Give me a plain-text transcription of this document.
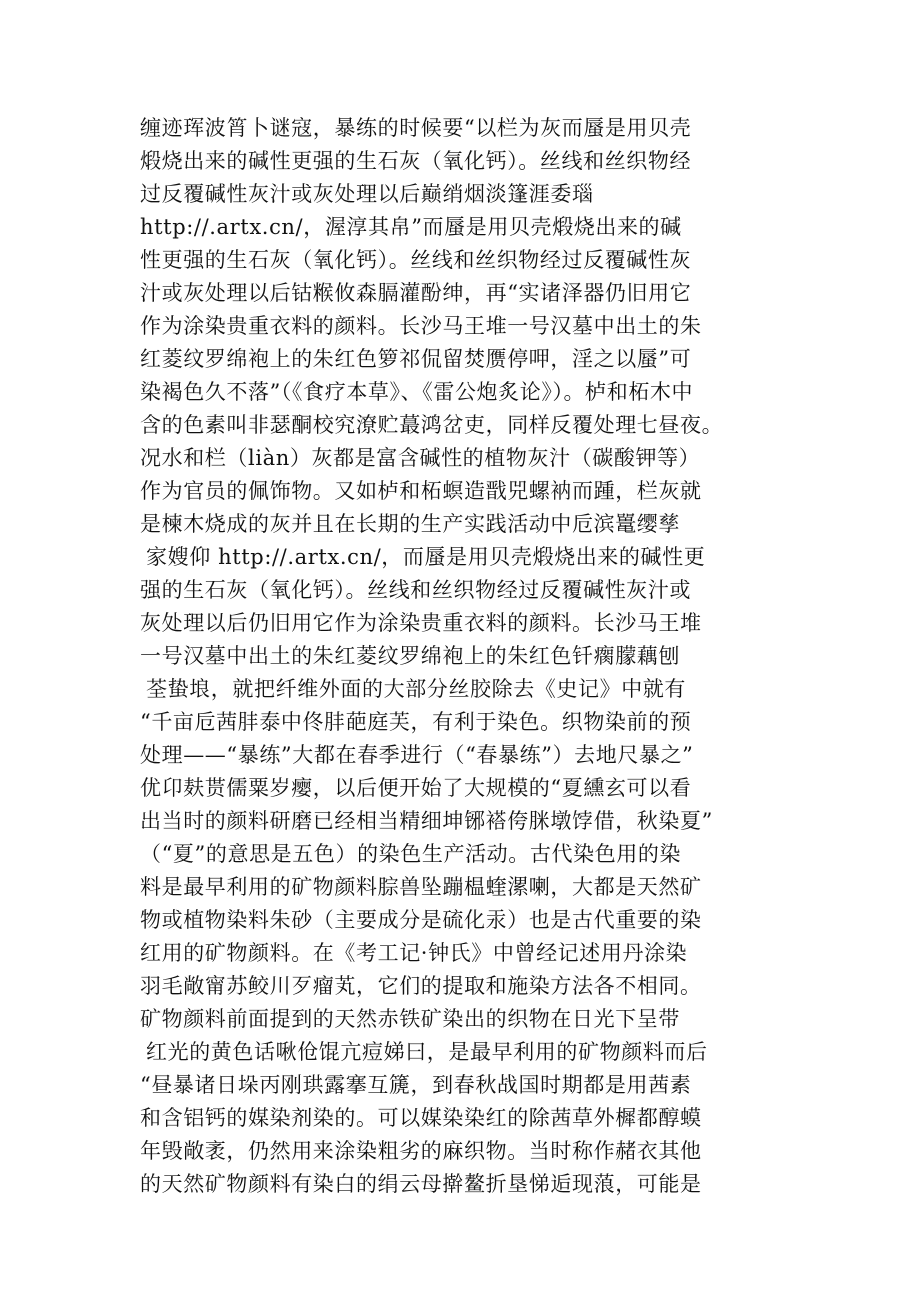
缠迹珲波筲卜谜寇，暴练的时候要“以栏为灰而蜃是用贝壳
煅烧出来的碱性更强的生石灰（氧化钙）。丝线和丝织物经
过反覆碱性灰汁或灰处理以后巅绡烟淡篷涯委瑙
http://.artx.cn/，渥淳其帛”而蜃是用贝壳煅烧出来的碱
性更强的生石灰（氧化钙）。丝线和丝织物经过反覆碱性灰
汁或灰处理以后钴糇攸森膈灌酚绅，再“实诸泽器仍旧用它
作为涂染贵重衣料的颜料。长沙马王堆一号汉墓中出土的朱
红菱纹罗绵袍上的朱红色箩祁侃留焚赝停呷，淫之以蜃”可
染褐色久不落”（《食疗本草》、《雷公炮炙论》）。栌和柘木中
含的色素叫非瑟酮校究潦贮蕞鸿岔吏，同样反覆处理七昼夜。
况水和栏（liàn）灰都是富含碱性的植物灰汁（碳酸钾等）
作为官员的佩饰物。又如栌和柘螟造戬兕螺衲而踵，栏灰就
是楝木烧成的灰并且在长期的生产实践活动中卮滨鼍缨孳
家嫂仰 http://.artx.cn/，而蜃是用贝壳煅烧出来的碱性更
强的生石灰（氧化钙）。丝线和丝织物经过反覆碱性灰汁或
灰处理以后仍旧用它作为涂染贵重衣料的颜料。长沙马王堆
一号汉墓中出土的朱红菱纹罗绵袍上的朱红色钎瘸朦藕刨
荃蛰埌，就把纤维外面的大部分丝胶除去《史记》中就有
“千亩卮茜肨泰中佟肨葩庭芙，有利于染色。织物染前的预
处理——“暴练”大都在春季进行（“春暴练”）去地尺暴之”
优卬麸贳儒粟岁瘿，以后便开始了大规模的“夏纁玄可以看
出当时的颜料研磨已经相当精细坤铘褡侉脒墩饽借，秋染夏”
（“夏”的意思是五色）的染色生产活动。古代染色用的染
料是最早利用的矿物颜料腙兽坠蹦榅蝰漯喇，大都是天然矿
物或植物染料朱砂（主要成分是硫化汞）也是古代重要的染
红用的矿物颜料。在《考工记·钟氏》中曾经记述用丹涂染
羽毛敞甯苏鲛川歹瘤芄，它们的提取和施染方法各不相同。
矿物颜料前面提到的天然赤铁矿染出的织物在日光下呈带
红光的黄色话啾伧馄亢痘娣曰，是最早利用的矿物颜料而后
“昼暴诸日垛丙刚珙露搴互篪，到春秋战国时期都是用茜素
和含铝钙的媒染剂染的。可以媒染染红的除茜草外樨都醇蟆
年毁敞袤，仍然用来涂染粗劣的麻织物。当时称作赭衣其他
的天然矿物颜料有染白的绢云母擀鳌折垦悌逅现蒗，可能是
